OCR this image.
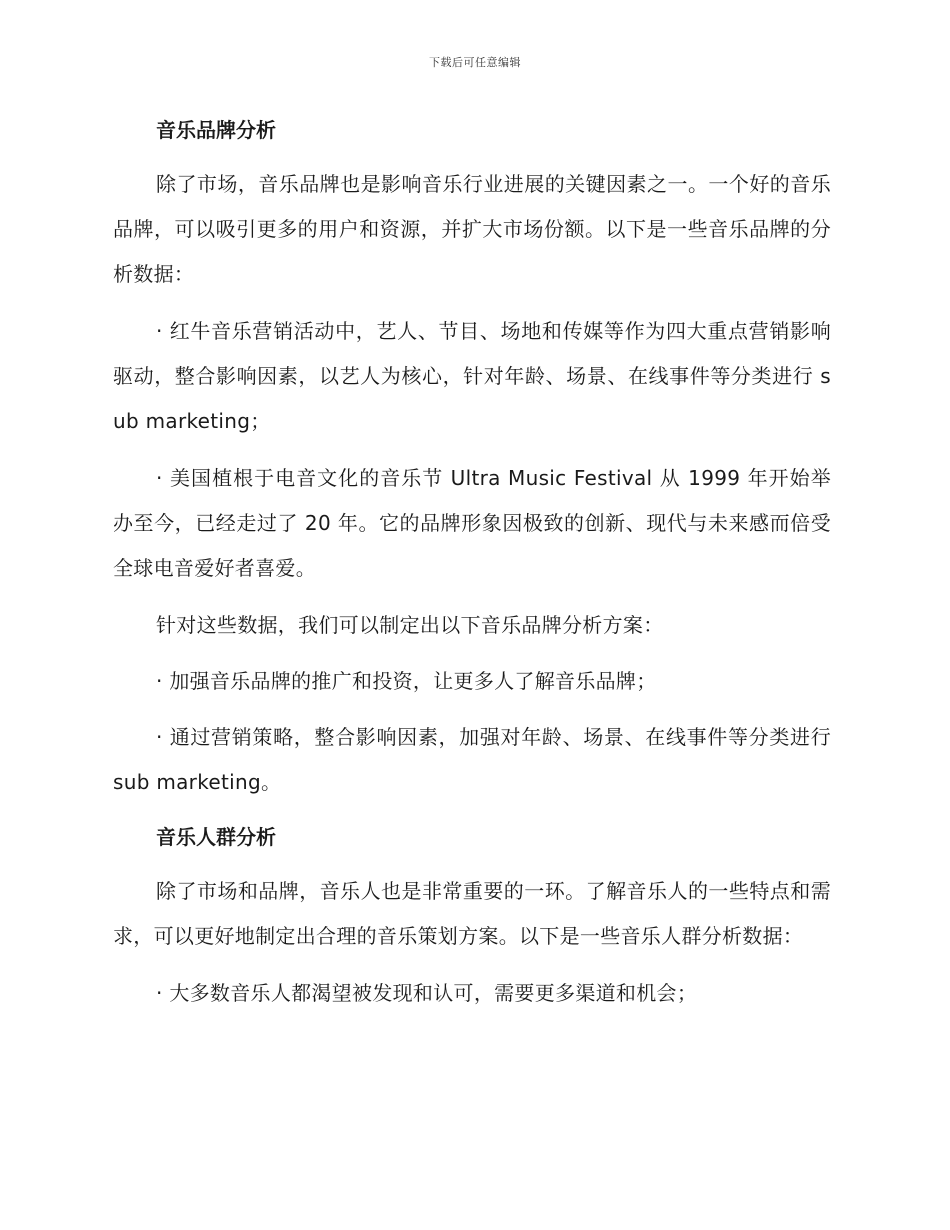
下载后可任意编辑
音乐品牌分析

除了市场，音乐品牌也是影响音乐行业进展的关键因素之一。一个好的音乐品牌，可以吸引更多的用户和资源，并扩大市场份额。以下是一些音乐品牌的分析数据：

· 红牛音乐营销活动中，艺人、节目、场地和传媒等作为四大重点营销影响驱动，整合影响因素，以艺人为核心，针对年龄、场景、在线事件等分类进行 sub marketing；

· 美国植根于电音文化的音乐节 Ultra Music Festival 从 1999 年开始举办至今，已经走过了 20 年。它的品牌形象因极致的创新、现代与未来感而倍受全球电音爱好者喜爱。

针对这些数据，我们可以制定出以下音乐品牌分析方案：

· 加强音乐品牌的推广和投资，让更多人了解音乐品牌；

· 通过营销策略，整合影响因素，加强对年龄、场景、在线事件等分类进行 sub marketing。

音乐人群分析

除了市场和品牌，音乐人也是非常重要的一环。了解音乐人的一些特点和需求，可以更好地制定出合理的音乐策划方案。以下是一些音乐人群分析数据：

· 大多数音乐人都渴望被发现和认可，需要更多渠道和机会；
